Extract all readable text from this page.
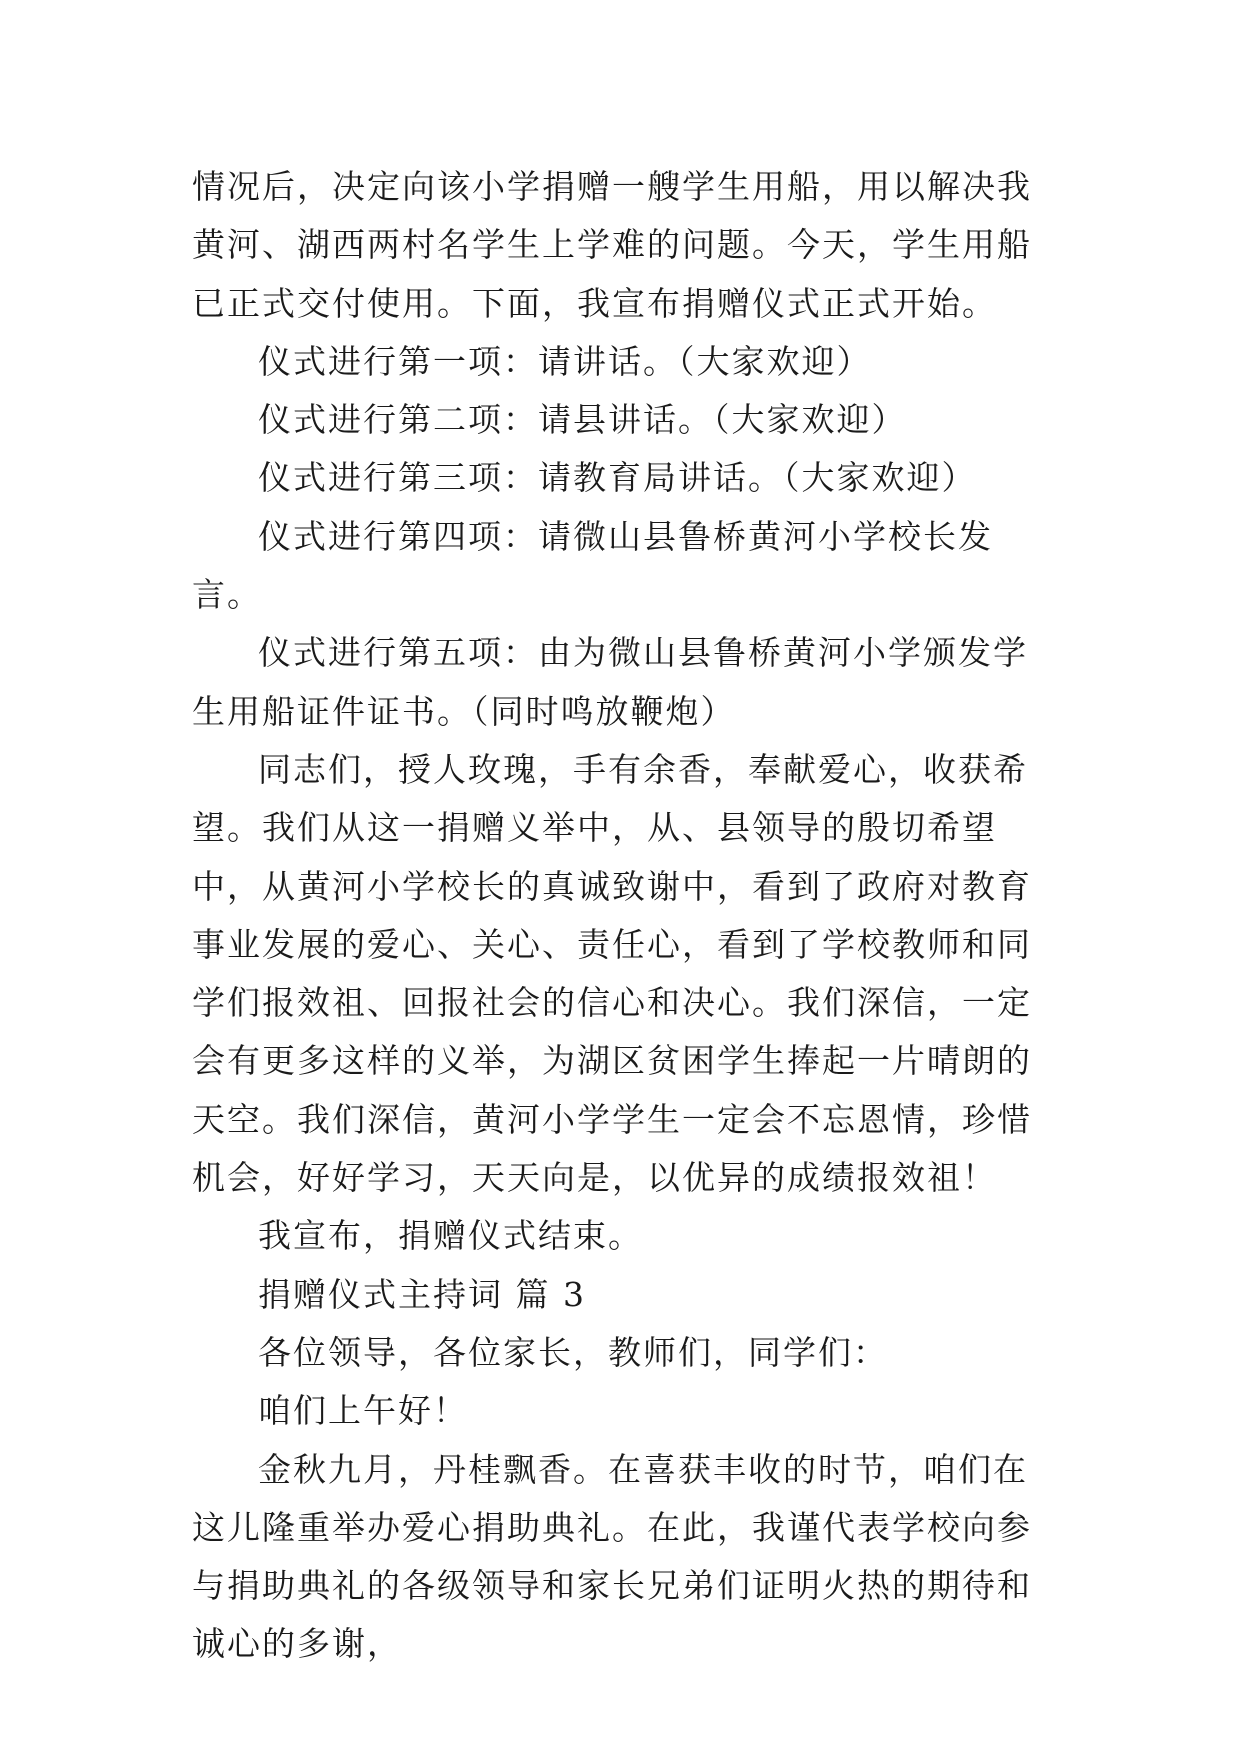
情况后，决定向该小学捐赠一艘学生用船，用以解决我黄河、湖西两村名学生上学难的问题。今天，学生用船已正式交付使用。下面，我宣布捐赠仪式正式开始。

仪式进行第一项：请讲话。（大家欢迎）

仪式进行第二项：请县讲话。（大家欢迎）

仪式进行第三项：请教育局讲话。（大家欢迎）

仪式进行第四项：请微山县鲁桥黄河小学校长发言。

仪式进行第五项：由为微山县鲁桥黄河小学颁发学生用船证件证书。（同时鸣放鞭炮）

同志们，授人玫瑰，手有余香，奉献爱心，收获希望。我们从这一捐赠义举中，从、县领导的殷切希望中，从黄河小学校长的真诚致谢中，看到了政府对教育事业发展的爱心、关心、责任心，看到了学校教师和同学们报效祖、回报社会的信心和决心。我们深信，一定会有更多这样的义举，为湖区贫困学生捧起一片晴朗的天空。我们深信，黄河小学学生一定会不忘恩情，珍惜机会，好好学习，天天向是，以优异的成绩报效祖！

我宣布，捐赠仪式结束。

捐赠仪式主持词 篇 3

各位领导，各位家长，教师们，同学们：

咱们上午好！

金秋九月，丹桂飘香。在喜获丰收的时节，咱们在这儿隆重举办爱心捐助典礼。在此，我谨代表学校向参与捐助典礼的各级领导和家长兄弟们证明火热的期待和诚心的多谢，
